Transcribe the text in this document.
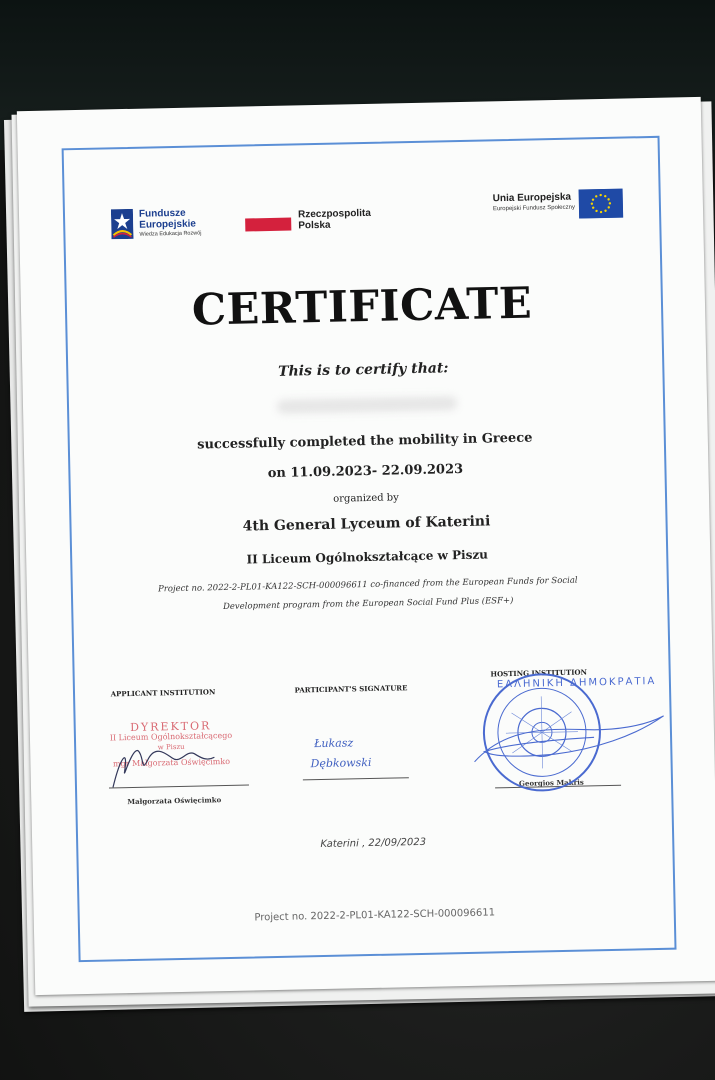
Fundusze Europejskie
Wiedza Edukacja Rozwój
Rzeczpospolita Polska
Unia Europejska
Europejski Fundusz Społeczny
CERTIFICATE
This is to certify that:
successfully completed the mobility in Greece
on 11.09.2023- 22.09.2023
organized by
4th General Lyceum of Katerini
II Liceum Ogólnokształcące w Piszu
Project no. 2022-2-PL01-KA122-SCH-000096611 co-financed from the European Funds for Social
Development program from the European Social Fund Plus (ESF+)
APPLICANT INSTITUTION	PARTICIPANT'S SIGNATURE
HOSTING INSTITUTION
DYREKTOR
II Liceum Ogólnokształcącego
w Piszu
mgr Małgorzata Oświęcimko
Małgorzata Oświęcimko
Georgios Makris
Łukasz
Dębkowski
ΕΛΛΗΝΙΚΗ ΔΗΜΟΚΡΑΤΙΑ
Katerini , 22/09/2023
Project no. 2022-2-PL01-KA122-SCH-000096611
